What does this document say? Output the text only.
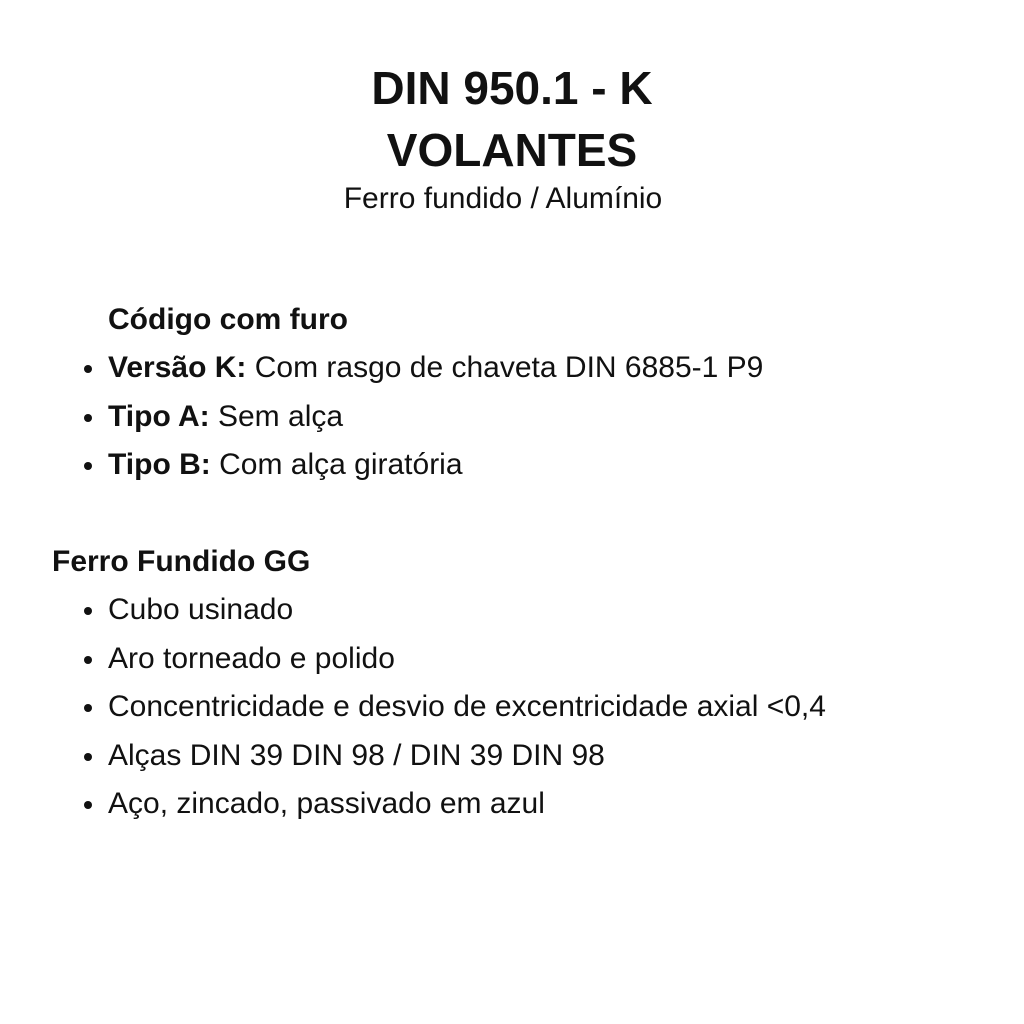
DIN 950.1 - K
VOLANTES
Ferro fundido / Alumínio
Código com furo
Versão K: Com rasgo de chaveta DIN 6885-1 P9
Tipo A: Sem alça
Tipo B: Com alça giratória
Ferro Fundido GG
Cubo usinado
Aro torneado e polido
Concentricidade e desvio de excentricidade axial <0,4
Alças DIN 39 DIN 98 / DIN 39 DIN 98
Aço, zincado, passivado em azul
